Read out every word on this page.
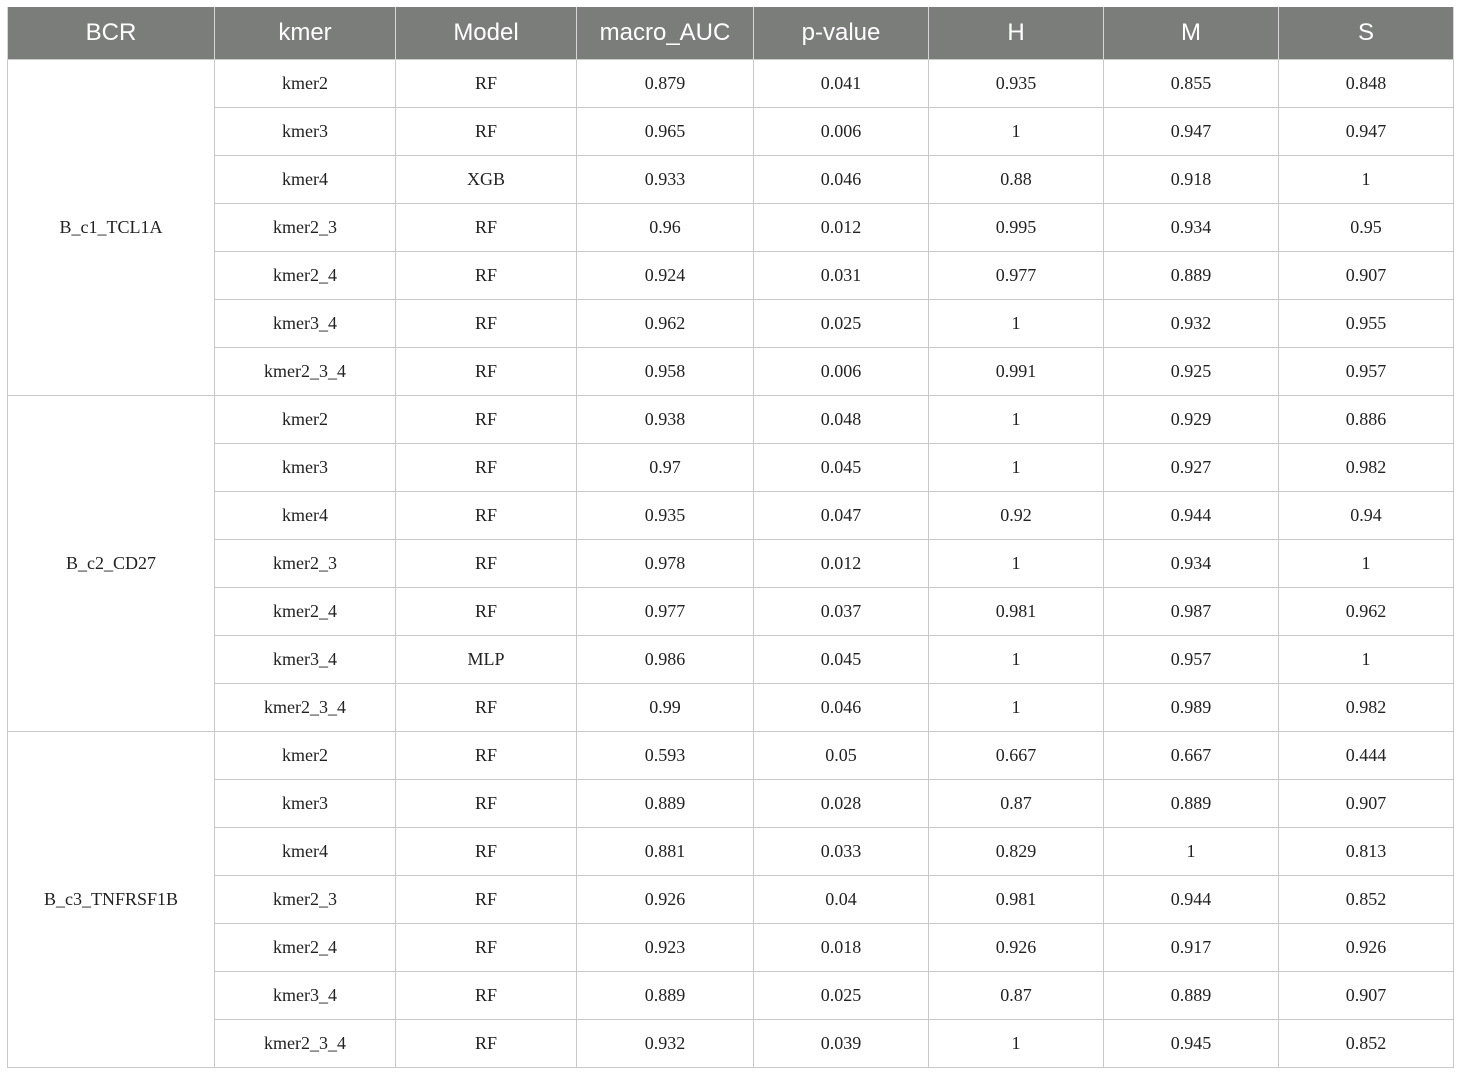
BCR	kmer	Model	macro_AUC	p-value	H	M	S
B_c1_TCL1A	kmer2	RF	0.879	0.041	0.935	0.855	0.848
	kmer3	RF	0.965	0.006	1	0.947	0.947
	kmer4	XGB	0.933	0.046	0.88	0.918	1
	kmer2_3	RF	0.96	0.012	0.995	0.934	0.95
	kmer2_4	RF	0.924	0.031	0.977	0.889	0.907
	kmer3_4	RF	0.962	0.025	1	0.932	0.955
	kmer2_3_4	RF	0.958	0.006	0.991	0.925	0.957
B_c2_CD27	kmer2	RF	0.938	0.048	1	0.929	0.886
	kmer3	RF	0.97	0.045	1	0.927	0.982
	kmer4	RF	0.935	0.047	0.92	0.944	0.94
	kmer2_3	RF	0.978	0.012	1	0.934	1
	kmer2_4	RF	0.977	0.037	0.981	0.987	0.962
	kmer3_4	MLP	0.986	0.045	1	0.957	1
	kmer2_3_4	RF	0.99	0.046	1	0.989	0.982
B_c3_TNFRSF1B	kmer2	RF	0.593	0.05	0.667	0.667	0.444
	kmer3	RF	0.889	0.028	0.87	0.889	0.907
	kmer4	RF	0.881	0.033	0.829	1	0.813
	kmer2_3	RF	0.926	0.04	0.981	0.944	0.852
	kmer2_4	RF	0.923	0.018	0.926	0.917	0.926
	kmer3_4	RF	0.889	0.025	0.87	0.889	0.907
	kmer2_3_4	RF	0.932	0.039	1	0.945	0.852
